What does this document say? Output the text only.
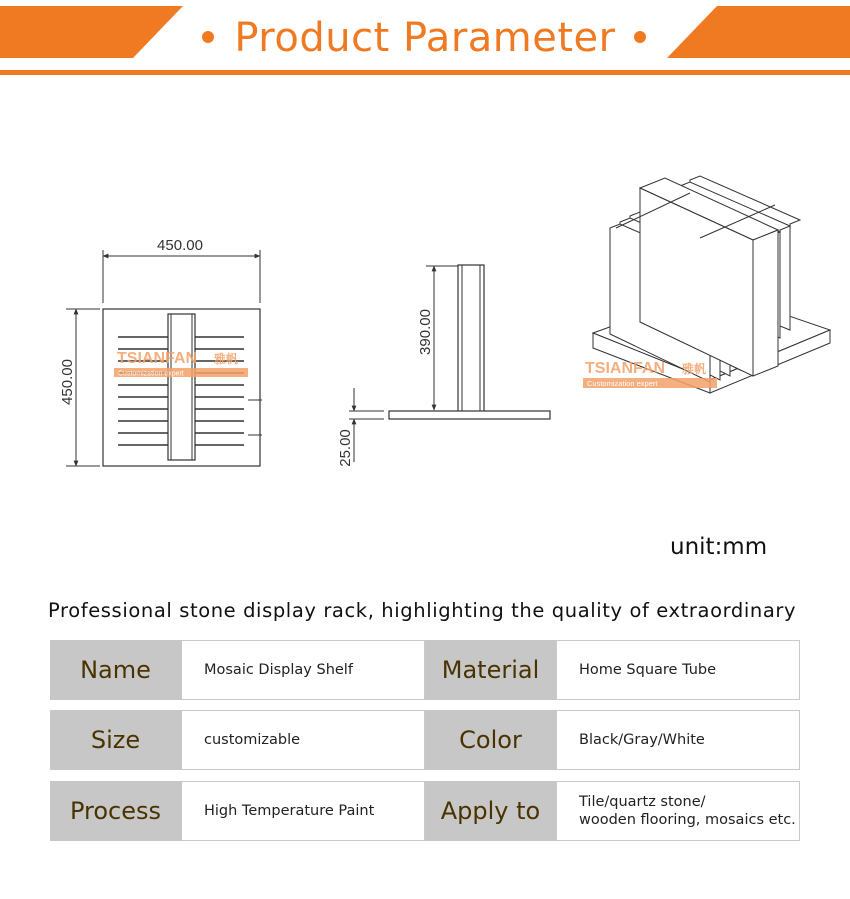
Product Parameter
450.00
450.00
390.00
25.00
TSIANFAN 雅帆
Customization expert	TSIANFAN 雅帆
Customization expert
unit:mm
Professional stone display rack, highlighting the quality of extraordinary
Name	Mosaic Display Shelf	Material	Home Square Tube
Size	customizable	Color	Black/Gray/White
Process	High Temperature Paint	Apply to	Tile/quartz stone/
wooden flooring, mosaics etc.
